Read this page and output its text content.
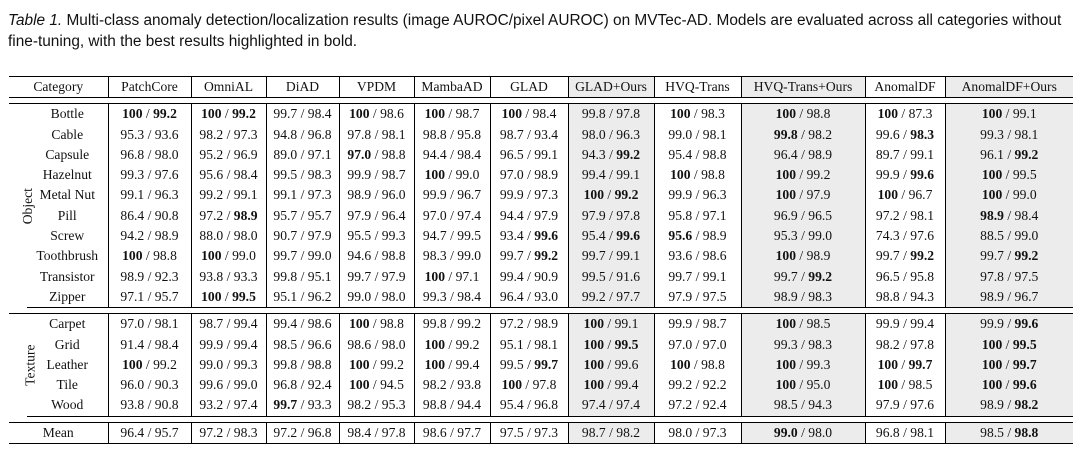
Table 1. Multi-class anomaly detection/localization results (image AUROC/pixel AUROC) on MVTec-AD. Models are evaluated across all categories without fine-tuning, with the best results highlighted in bold.
Category		PatchCore	OmniAL	DiAD	VPDM	MambaAD	GLAD	GLAD+Ours	HVQ-Trans	HVQ-Trans+Ours	AnomalDF	AnomalDF+Ours

Object	Bottle	100 / 99.2	100 / 99.2	99.7 / 98.4	100 / 98.6	100 / 98.7	100 / 98.4	99.8 / 97.8	100 / 98.3	100 / 98.8	100 / 87.3	100 / 99.1
	Cable	95.3 / 93.6	98.2 / 97.3	94.8 / 96.8	97.8 / 98.1	98.8 / 95.8	98.7 / 93.4	98.0 / 96.3	99.0 / 98.1	99.8 / 98.2	99.6 / 98.3	99.3 / 98.1
	Capsule	96.8 / 98.0	95.2 / 96.9	89.0 / 97.1	97.0 / 98.8	94.4 / 98.4	96.5 / 99.1	94.3 / 99.2	95.4 / 98.8	96.4 / 98.9	89.7 / 99.1	96.1 / 99.2
	Hazelnut	99.3 / 97.6	95.6 / 98.4	99.5 / 98.3	99.9 / 98.7	100 / 99.0	97.0 / 98.9	99.4 / 99.1	100 / 98.8	100 / 99.2	99.9 / 99.6	100 / 99.5
	Metal Nut	99.1 / 96.3	99.2 / 99.1	99.1 / 97.3	98.9 / 96.0	99.9 / 96.7	99.9 / 97.3	100 / 99.2	99.9 / 96.3	100 / 97.9	100 / 96.7	100 / 99.0
	Pill	86.4 / 90.8	97.2 / 98.9	95.7 / 95.7	97.9 / 96.4	97.0 / 97.4	94.4 / 97.9	97.9 / 97.8	95.8 / 97.1	96.9 / 96.5	97.2 / 98.1	98.9 / 98.4
	Screw	94.2 / 98.9	88.0 / 98.0	90.7 / 97.9	95.5 / 99.3	94.7 / 99.5	93.4 / 99.6	95.4 / 99.6	95.6 / 98.9	95.3 / 99.0	74.3 / 97.6	88.5 / 99.0
	Toothbrush	100 / 98.8	100 / 99.0	99.7 / 99.0	94.6 / 98.8	98.3 / 99.0	99.7 / 99.2	99.7 / 99.1	93.6 / 98.6	100 / 98.9	99.7 / 99.2	99.7 / 99.2
	Transistor	98.9 / 92.3	93.8 / 93.3	99.8 / 95.1	99.7 / 97.9	100 / 97.1	99.4 / 90.9	99.5 / 91.6	99.7 / 99.1	99.7 / 99.2	96.5 / 95.8	97.8 / 97.5
	Zipper	97.1 / 95.7	100 / 99.5	95.1 / 96.2	99.0 / 98.0	99.3 / 98.4	96.4 / 93.0	99.2 / 97.7	97.9 / 97.5	98.9 / 98.3	98.8 / 94.3	98.9 / 96.7

Texture	Carpet	97.0 / 98.1	98.7 / 99.4	99.4 / 98.6	100 / 98.8	99.8 / 99.2	97.2 / 98.9	100 / 99.1	99.9 / 98.7	100 / 98.5	99.9 / 99.4	99.9 / 99.6
	Grid	91.4 / 98.4	99.9 / 99.4	98.5 / 96.6	98.6 / 98.0	100 / 99.2	95.1 / 98.1	100 / 99.5	97.0 / 97.0	99.3 / 98.3	98.2 / 97.8	100 / 99.5
	Leather	100 / 99.2	99.0 / 99.3	99.8 / 98.8	100 / 99.2	100 / 99.4	99.5 / 99.7	100 / 99.6	100 / 98.8	100 / 99.3	100 / 99.7	100 / 99.7
	Tile	96.0 / 90.3	99.6 / 99.0	96.8 / 92.4	100 / 94.5	98.2 / 93.8	100 / 97.8	100 / 99.4	99.2 / 92.2	100 / 95.0	100 / 98.5	100 / 99.6
	Wood	93.8 / 90.8	93.2 / 97.4	99.7 / 93.3	98.2 / 95.3	98.8 / 94.4	95.4 / 96.8	97.4 / 97.4	97.2 / 92.4	98.5 / 94.3	97.9 / 97.6	98.9 / 98.2

Mean		96.4 / 95.7	97.2 / 98.3	97.2 / 96.8	98.4 / 97.8	98.6 / 97.7	97.5 / 97.3	98.7 / 98.2	98.0 / 97.3	99.0 / 98.0	96.8 / 98.1	98.5 / 98.8
